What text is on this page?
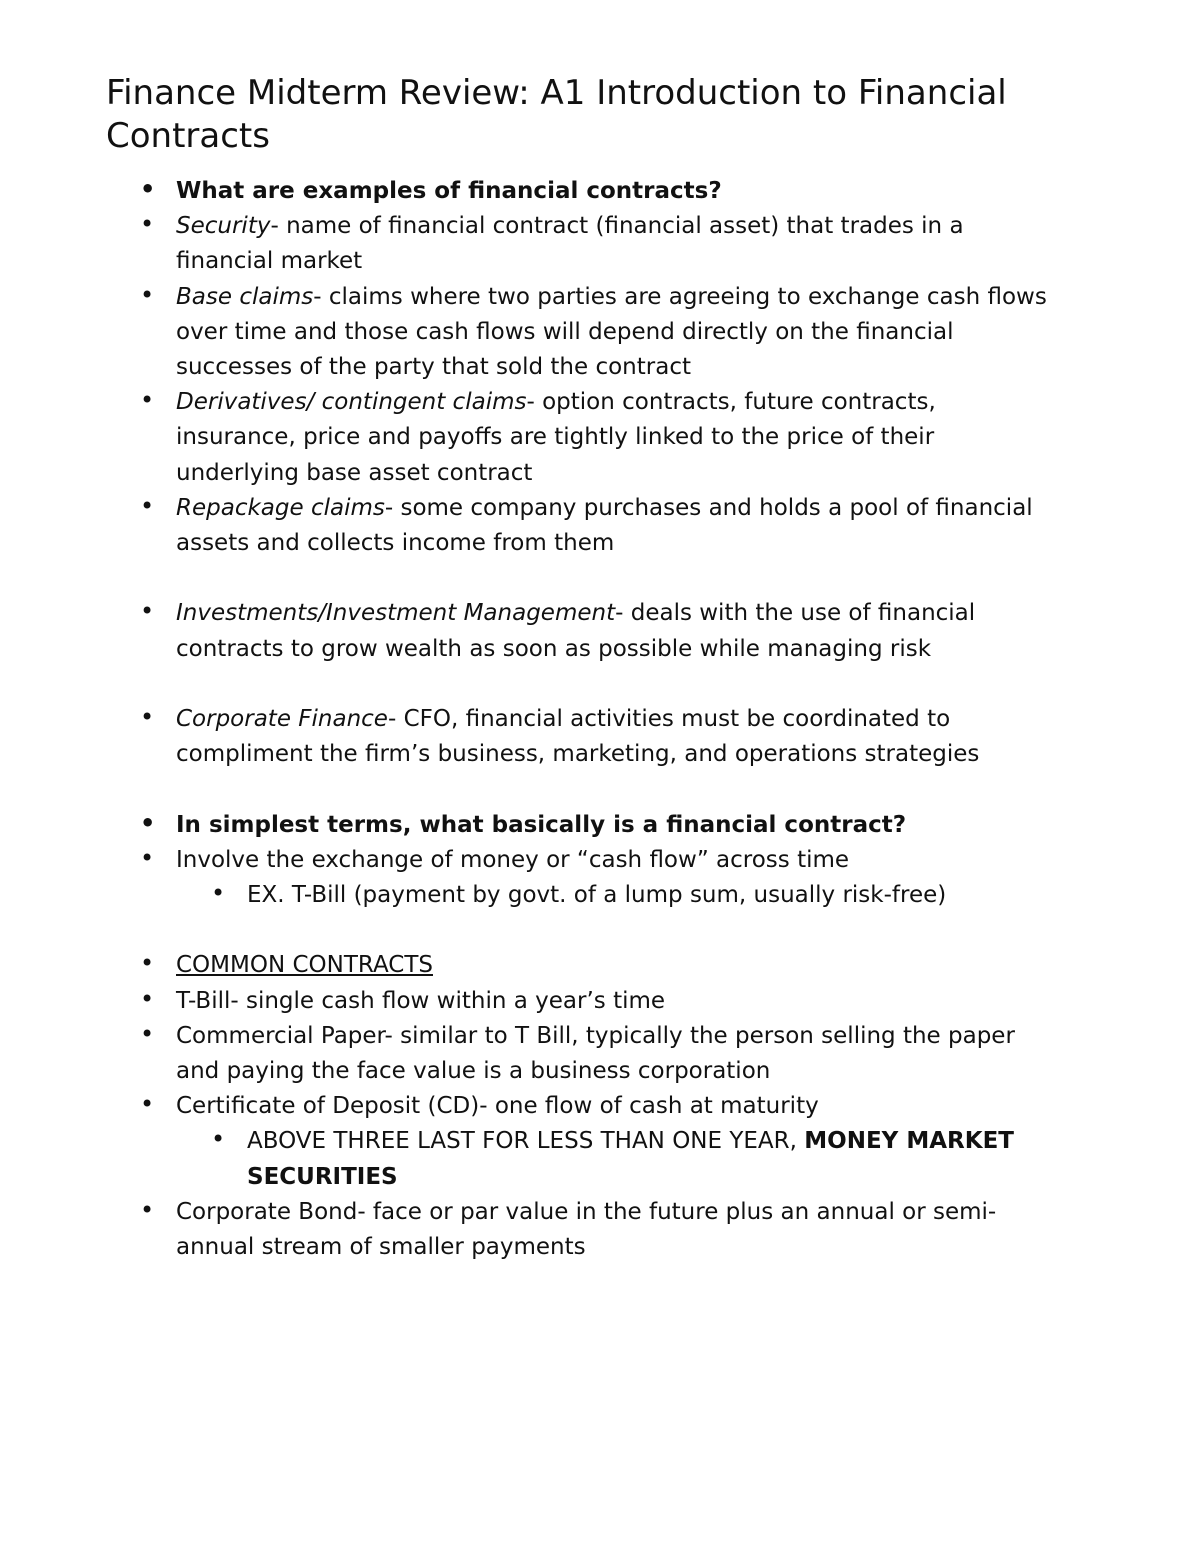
Finance Midterm Review: A1 Introduction to Financial Contracts
• What are examples of financial contracts?
• Security- name of financial contract (financial asset) that trades in a financial market
• Base claims- claims where two parties are agreeing to exchange cash flows over time and those cash flows will depend directly on the financial successes of the party that sold the contract
• Derivatives/ contingent claims- option contracts, future contracts, insurance, price and payoffs are tightly linked to the price of their underlying base asset contract
• Repackage claims- some company purchases and holds a pool of financial assets and collects income from them
• Investments/Investment Management- deals with the use of financial contracts to grow wealth as soon as possible while managing risk
• Corporate Finance- CFO, financial activities must be coordinated to compliment the firm’s business, marketing, and operations strategies
• In simplest terms, what basically is a financial contract?
• Involve the exchange of money or “cash flow” across time
• EX. T-Bill (payment by govt. of a lump sum, usually risk-free)
• COMMON CONTRACTS
• T-Bill- single cash flow within a year’s time
• Commercial Paper- similar to T Bill, typically the person selling the paper and paying the face value is a business corporation
• Certificate of Deposit (CD)- one flow of cash at maturity
• ABOVE THREE LAST FOR LESS THAN ONE YEAR, MONEY MARKET SECURITIES
• Corporate Bond- face or par value in the future plus an annual or semi-annual stream of smaller payments
